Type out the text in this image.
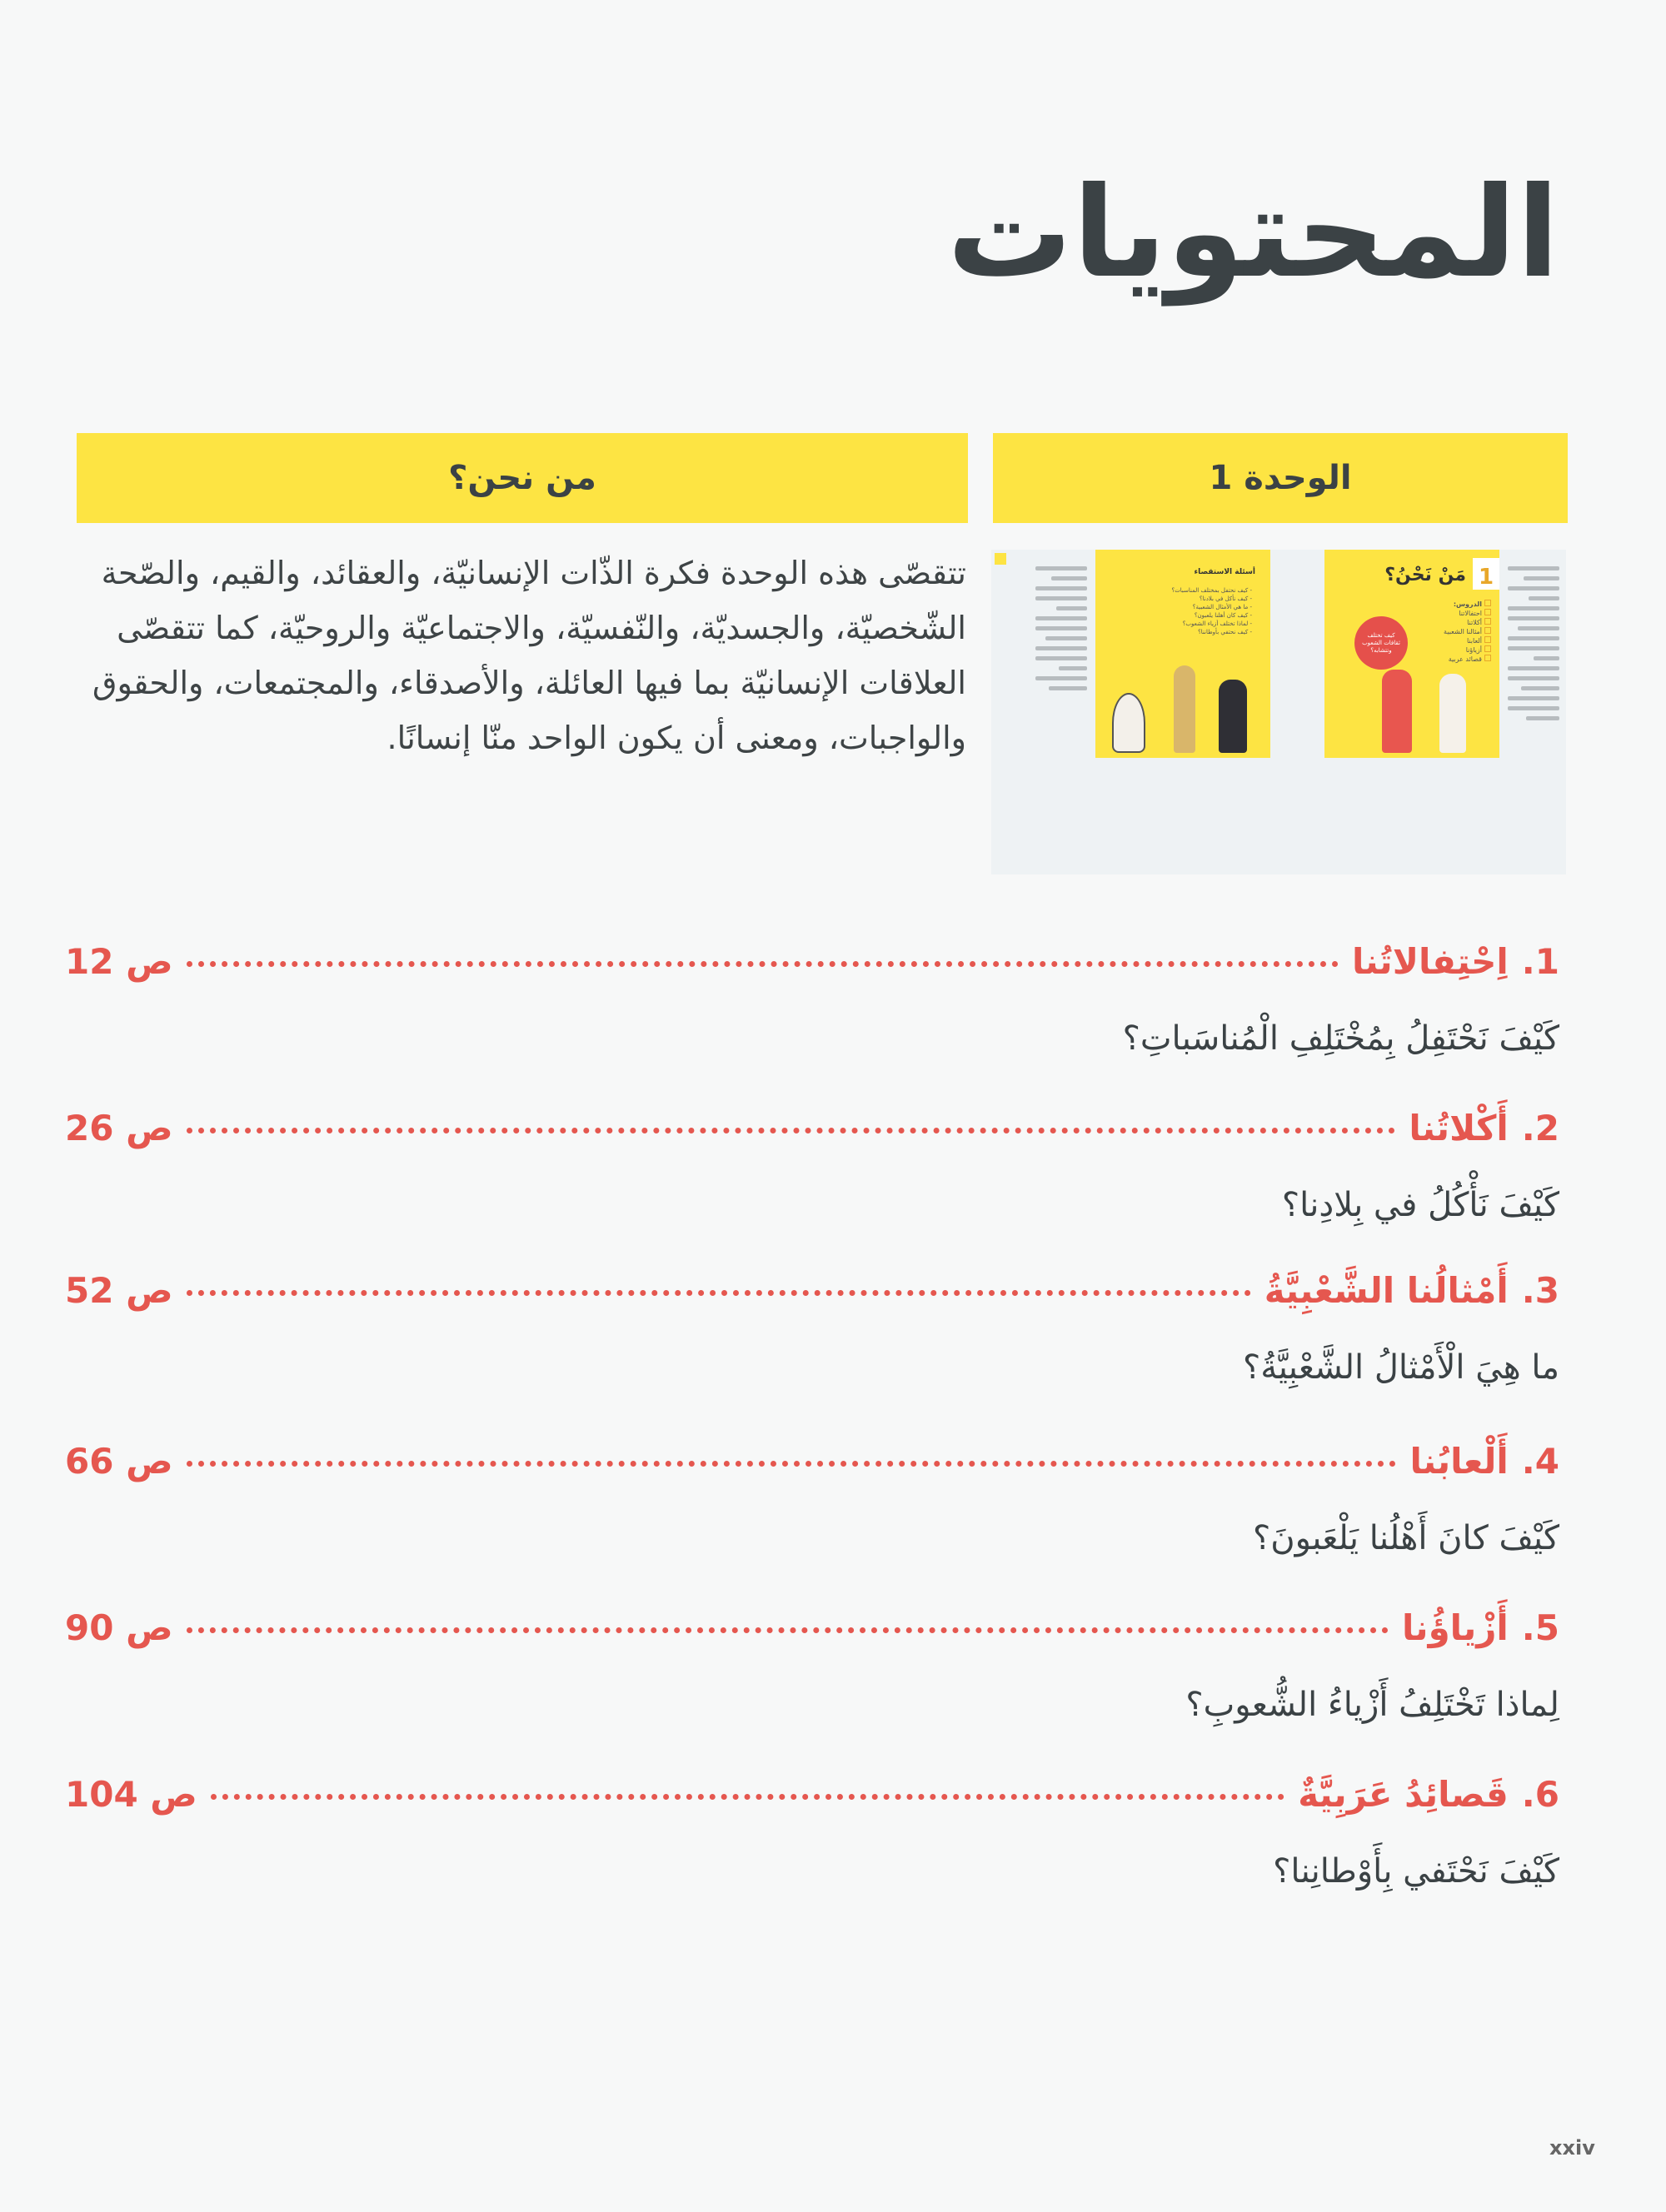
المحتويات
الوحدة 1
من نحن؟
1
مَنْ نَحْنُ؟
الدروس:
احتفالاتنا
أكلاتنا
أمثالنا الشعبية
ألعابنا
أزياؤنا
قصائد عربية
كيف تختلف ثقافات الشعوب وتتشابه؟
أسئلة الاستقصاء
- كيف نحتفل بمختلف المناسبات؟
- كيف نأكل في بلادنا؟
- ما هي الأمثال الشعبية؟
- كيف كان أهلنا يلعبون؟
- لماذا تختلف أزياء الشعوب؟
- كيف نحتفي بأوطاننا؟

تتقصّى هذه الوحدة فكرة الذّات الإنسانيّة، والعقائد، والقيم، والصّحة الشّخصيّة، والجسديّة، والنّفسيّة، والاجتماعيّة والروحيّة، كما تتقصّى العلاقات الإنسانيّة بما فيها العائلة، والأصدقاء، والمجتمعات، والحقوق والواجبات، ومعنى أن يكون الواحد منّا إنسانًا.

1.
اِحْتِفالاتُنا
ص 12
كَيْفَ نَحْتَفِلُ بِمُخْتَلِفِ الْمُناسَباتِ؟
2.
أَكْلاتُنا
ص 26
كَيْفَ نَأْكُلُ في بِلادِنا؟
3.
أَمْثالُنا الشَّعْبِيَّةُ
ص 52
ما هِيَ الْأَمْثالُ الشَّعْبِيَّةُ؟
4.
أَلْعابُنا
ص 66
كَيْفَ كانَ أَهْلُنا يَلْعَبونَ؟
5.
أَزْياؤُنا
ص 90
لِماذا تَخْتَلِفُ أَزْياءُ الشُّعوبِ؟
6.
قَصائِدُ عَرَبِيَّةٌ
ص 104
كَيْفَ نَحْتَفي بِأَوْطانِنا؟
xxiv
